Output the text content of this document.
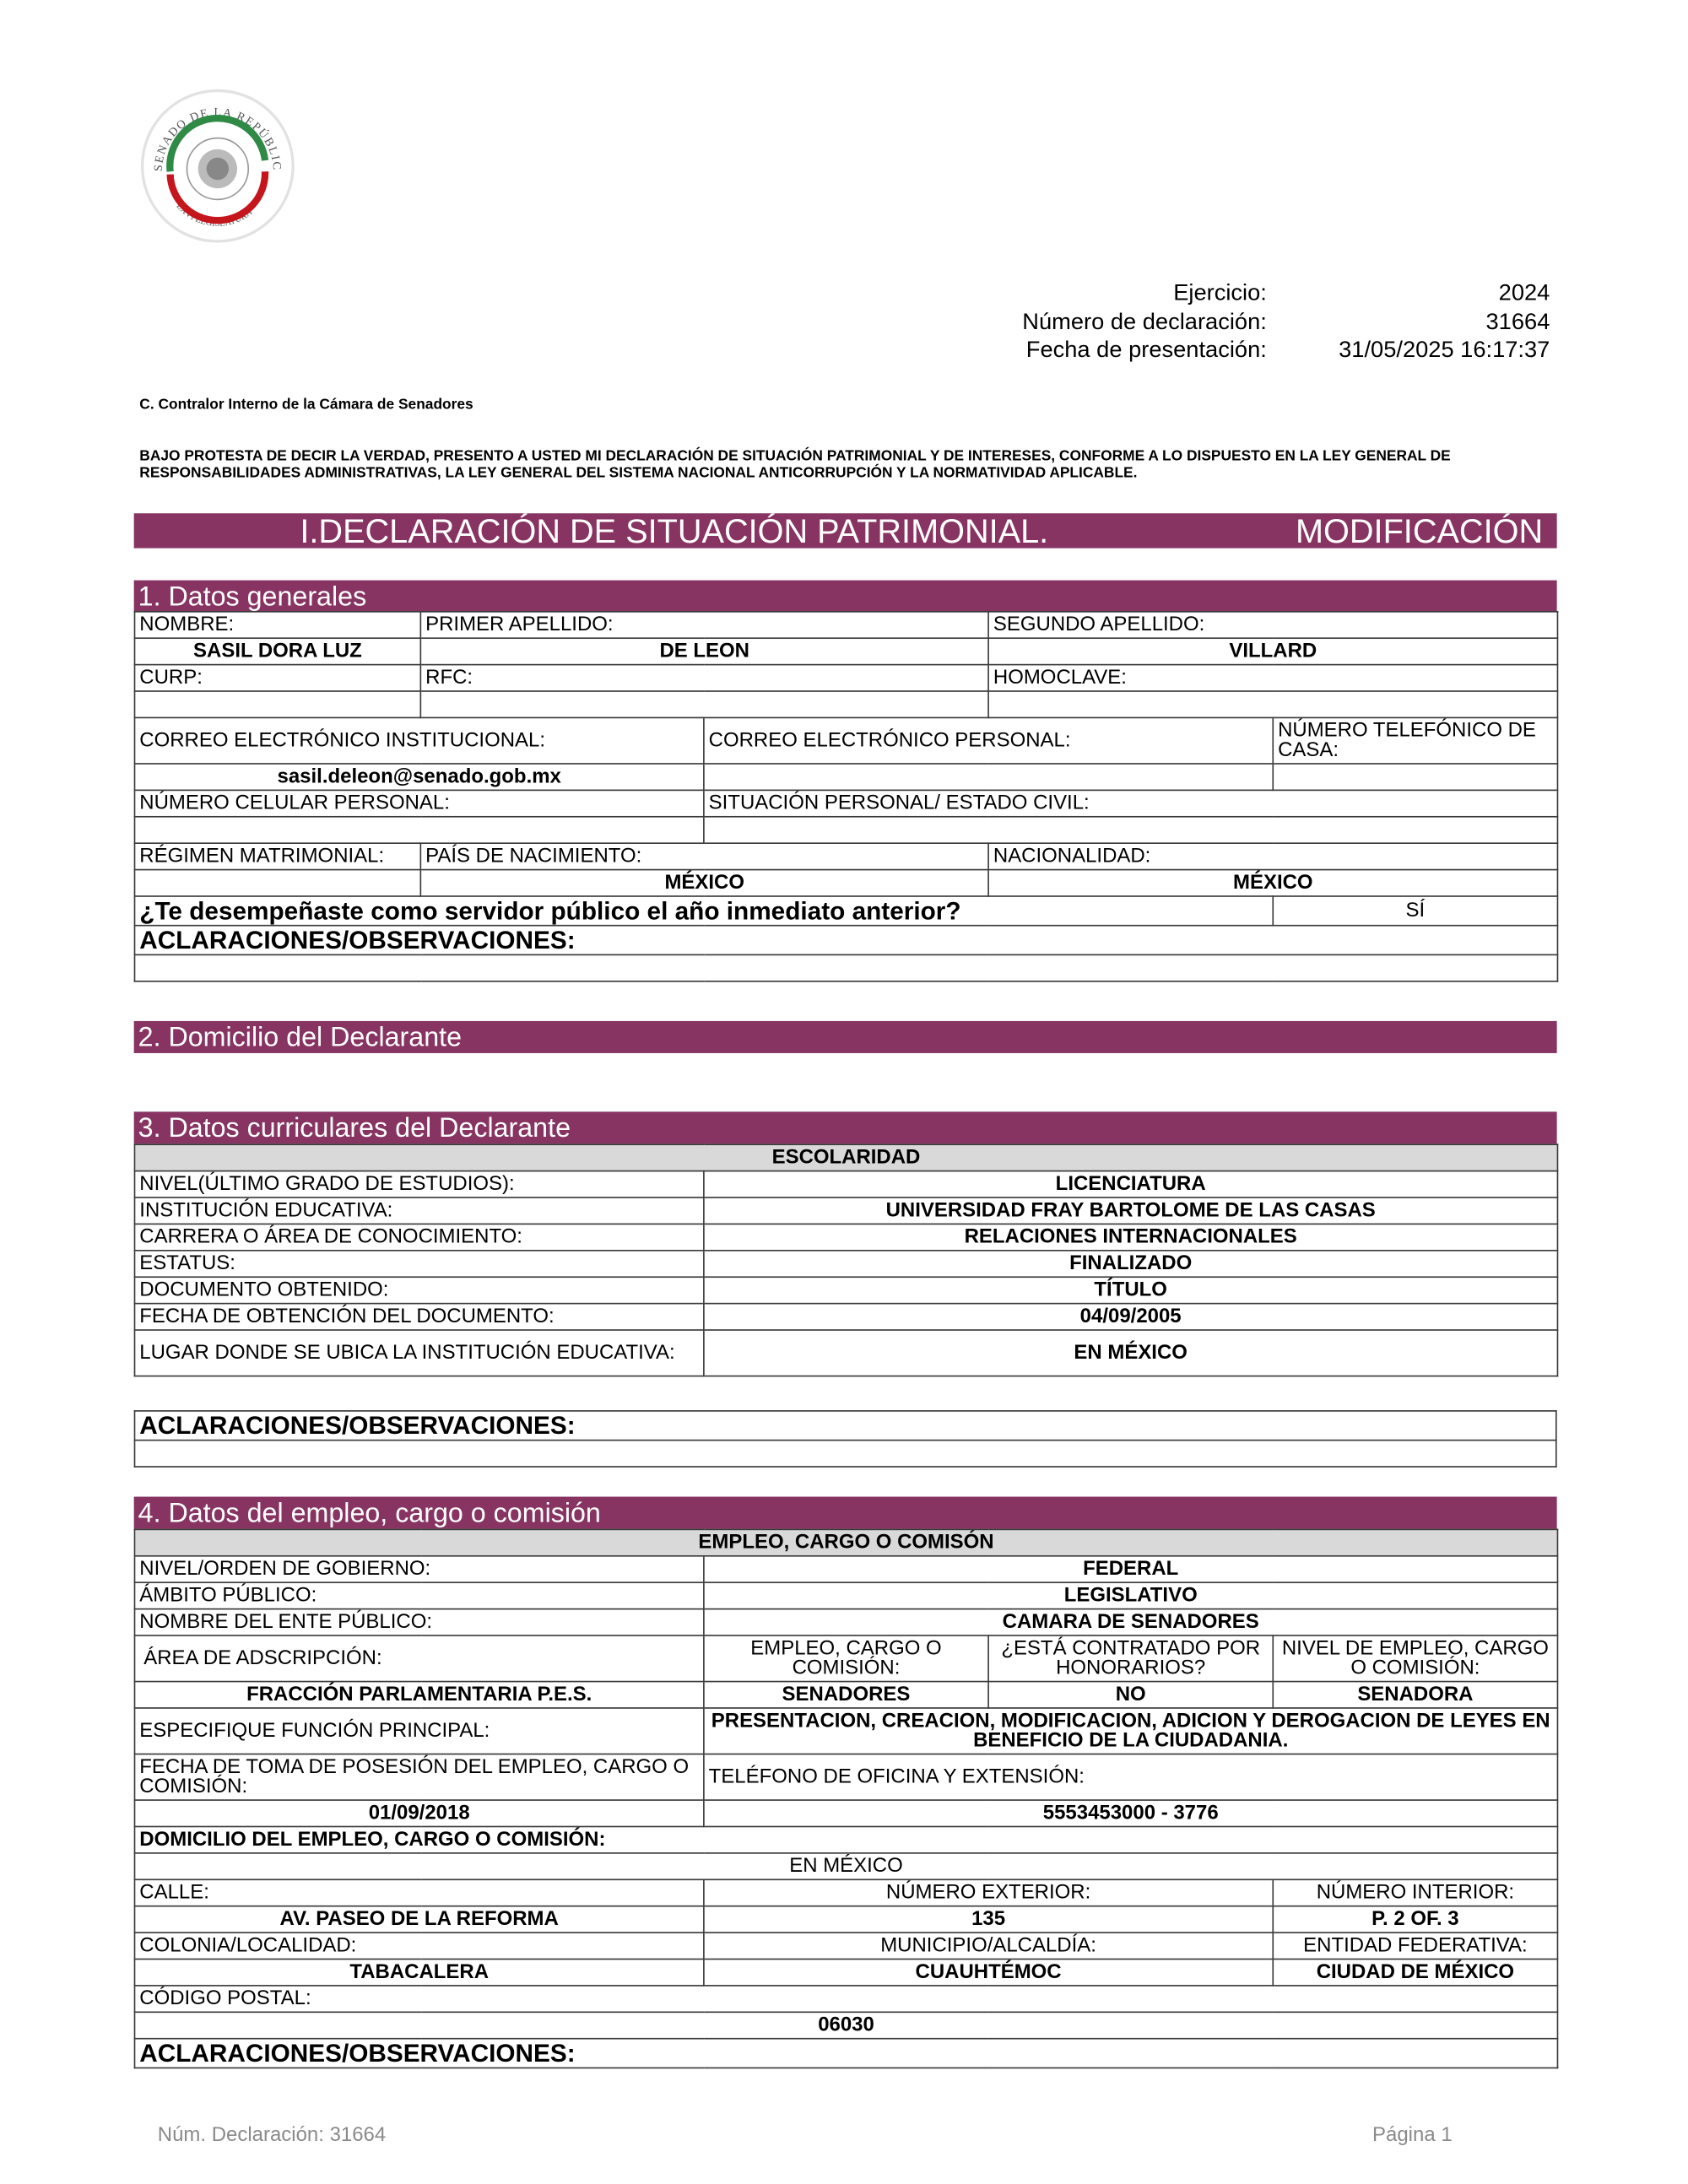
SENADO DE LA REPÚBLIC
LXVI LEGISLATURA
Ejercicio:	2024
Número de declaración:	31664
Fecha de presentación:	31/05/2025 16:17:37
C. Contralor Interno de la Cámara de Senadores
BAJO PROTESTA DE DECIR LA VERDAD, PRESENTO A USTED MI DECLARACIÓN DE SITUACIÓN PATRIMONIAL Y DE INTERESES, CONFORME A LO DISPUESTO EN LA LEY GENERAL DE RESPONSABILIDADES ADMINISTRATIVAS, LA LEY GENERAL DEL SISTEMA NACIONAL ANTICORRUPCIÓN Y LA NORMATIVIDAD APLICABLE.
I.DECLARACIÓN DE SITUACIÓN PATRIMONIAL.	MODIFICACIÓN
1. Datos generales
NOMBRE:	PRIMER APELLIDO:		SEGUNDO APELLIDO:	
SASIL DORA LUZ	DE LEON		VILLARD	
CURP:	RFC:		HOMOCLAVE:	

CORREO ELECTRÓNICO INSTITUCIONAL:		CORREO ELECTRÓNICO PERSONAL:		NÚMERO TELEFÓNICO DE CASA:
sasil.deleon@senado.gob.mx				
NÚMERO CELULAR PERSONAL:		SITUACIÓN PERSONAL/ ESTADO CIVIL:		

RÉGIMEN MATRIMONIAL:	PAÍS DE NACIMIENTO:		NACIONALIDAD:	
	MÉXICO		MÉXICO	
¿Te desempeñaste como servidor público el año inmediato anterior?				SÍ
ACLARACIONES/OBSERVACIONES:				

2. Domicilio del Declarante
3. Datos curriculares del Declarante
ESCOLARIDAD	
NIVEL(ÚLTIMO GRADO DE ESTUDIOS):	LICENCIATURA
INSTITUCIÓN EDUCATIVA:	UNIVERSIDAD FRAY BARTOLOME DE LAS CASAS
CARRERA O ÁREA DE CONOCIMIENTO:	RELACIONES INTERNACIONALES
ESTATUS:	FINALIZADO
DOCUMENTO OBTENIDO:	TÍTULO
FECHA DE OBTENCIÓN DEL DOCUMENTO:	04/09/2005
LUGAR DONDE SE UBICA LA INSTITUCIÓN EDUCATIVA:	EN MÉXICO
ACLARACIONES/OBSERVACIONES:

4. Datos del empleo, cargo o comisión
EMPLEO, CARGO O COMISÓN			
NIVEL/ORDEN DE GOBIERNO:	FEDERAL		
ÁMBITO PÚBLICO:	LEGISLATIVO		
NOMBRE DEL ENTE PÚBLICO:	CAMARA DE SENADORES		
ÁREA DE ADSCRIPCIÓN:	EMPLEO, CARGO O COMISIÓN:	¿ESTÁ CONTRATADO POR HONORARIOS?	NIVEL DE EMPLEO, CARGO O COMISIÓN:
FRACCIÓN PARLAMENTARIA P.E.S.	SENADORES	NO	SENADORA
ESPECIFIQUE FUNCIÓN PRINCIPAL:	PRESENTACION, CREACION, MODIFICACION, ADICION Y DEROGACION DE LEYES EN BENEFICIO DE LA CIUDADANIA.		
FECHA DE TOMA DE POSESIÓN DEL EMPLEO, CARGO O COMISIÓN:	TELÉFONO DE OFICINA Y EXTENSIÓN:		
01/09/2018	5553453000 - 3776		
DOMICILIO DEL EMPLEO, CARGO O COMISIÓN:			
EN MÉXICO			
CALLE:	NÚMERO EXTERIOR:		NÚMERO INTERIOR:
AV. PASEO DE LA REFORMA	135		P. 2 OF. 3
COLONIA/LOCALIDAD:	MUNICIPIO/ALCALDÍA:		ENTIDAD FEDERATIVA:
TABACALERA	CUAUHTÉMOC		CIUDAD DE MÉXICO
CÓDIGO POSTAL:			
06030			
ACLARACIONES/OBSERVACIONES:			
Núm. Declaración: 31664	Página 1
